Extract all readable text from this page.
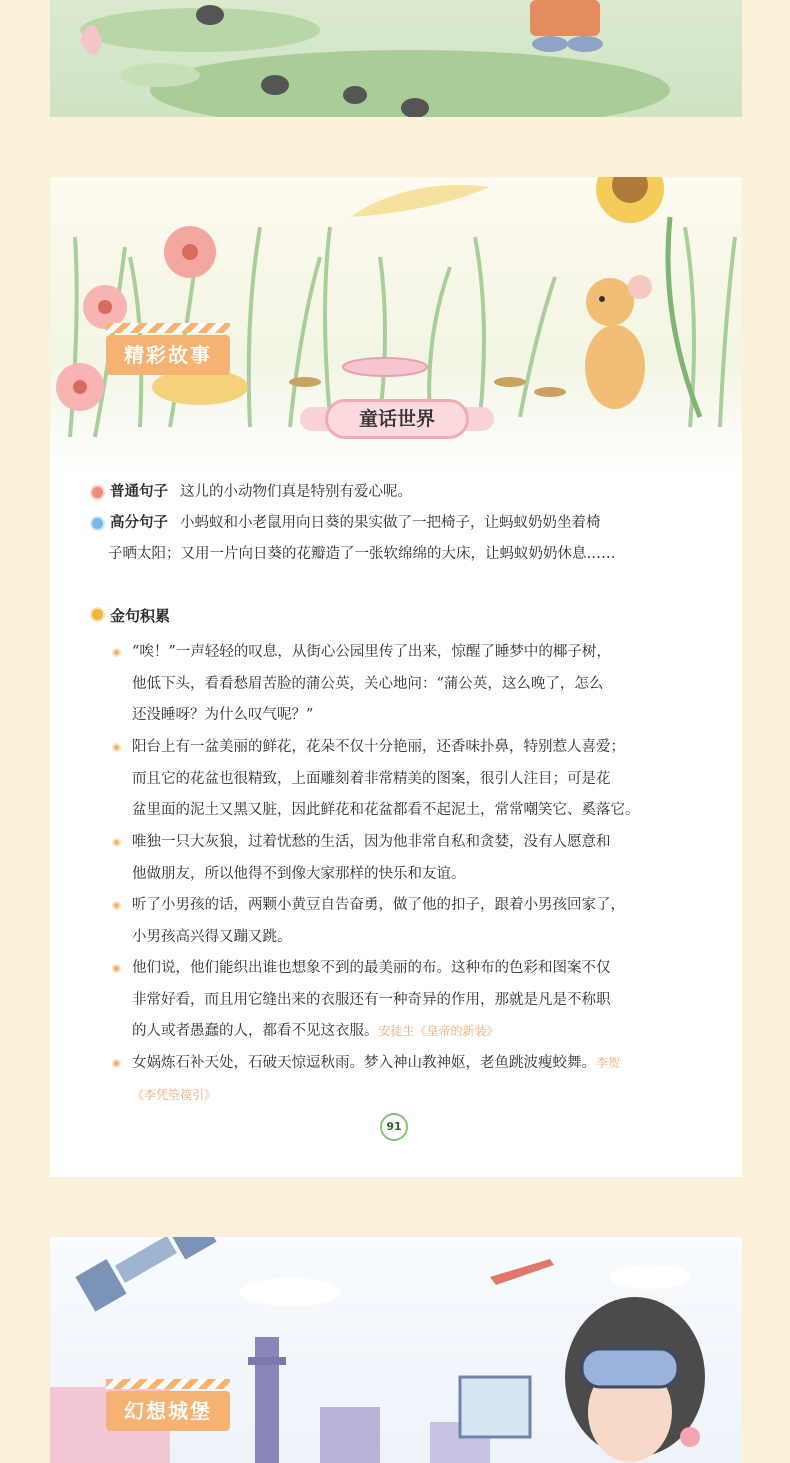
精彩故事
童话世界
普通句子 这儿的小动物们真是特别有爱心呢。
高分句子 小蚂蚁和小老鼠用向日葵的果实做了一把椅子，让蚂蚁奶奶坐着椅
子晒太阳；又用一片向日葵的花瓣造了一张软绵绵的大床，让蚂蚁奶奶休息……
金句积累
“唉！”一声轻轻的叹息，从街心公园里传了出来，惊醒了睡梦中的椰子树，
他低下头，看看愁眉苦脸的蒲公英，关心地问：“蒲公英，这么晚了，怎么
还没睡呀？为什么叹气呢？”
阳台上有一盆美丽的鲜花，花朵不仅十分艳丽，还香味扑鼻，特别惹人喜爱；
而且它的花盆也很精致，上面雕刻着非常精美的图案，很引人注目；可是花
盆里面的泥土又黑又脏，因此鲜花和花盆都看不起泥土，常常嘲笑它、奚落它。
唯独一只大灰狼，过着忧愁的生活，因为他非常自私和贪婪，没有人愿意和
他做朋友，所以他得不到像大家那样的快乐和友谊。
听了小男孩的话，两颗小黄豆自告奋勇，做了他的扣子，跟着小男孩回家了，
小男孩高兴得又蹦又跳。
他们说，他们能织出谁也想象不到的最美丽的布。这种布的色彩和图案不仅
非常好看，而且用它缝出来的衣服还有一种奇异的作用，那就是凡是不称职
的人或者愚蠢的人，都看不见这衣服。安徒生《皇帝的新装》
女娲炼石补天处，石破天惊逗秋雨。梦入神山教神妪，老鱼跳波瘦蛟舞。李贺
《李凭箜篌引》
91
幻想城堡
